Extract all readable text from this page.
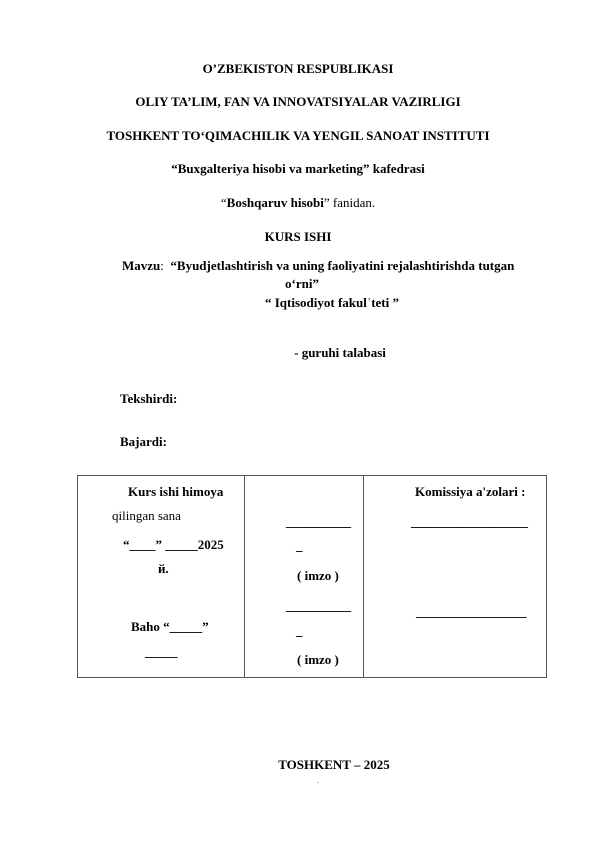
O’ZBEKISTON RESPUBLIKASI
OLIY TA’LIM, FAN VA INNOVATSIYALAR VAZIRLIGI
TOSHKENT TO‘QIMACHILIK VA YENGIL SANOAT INSTITUTI
“Buxgalteriya hisobi va marketing” kafedrasi
“Boshqaruv hisobi” fanidan.
KURS ISHI
Mavzu: “Byudjetlashtirish va uning faoliyatini rejalashtirishda tutgan
o‘rni”
“ Iqtisodiyot fakulʾteti ”
- guruhi talabasi
Tekshirdi:
Bajardi:
Kurs ishi himoya
qilingan sana
“____” _____2025
й.
Baho “_____”
_____
__________
_
( imzo )
__________
_
( imzo )
Komissiya a'zolari :
__________________
_________________
TOSHKENT – 2025
.
